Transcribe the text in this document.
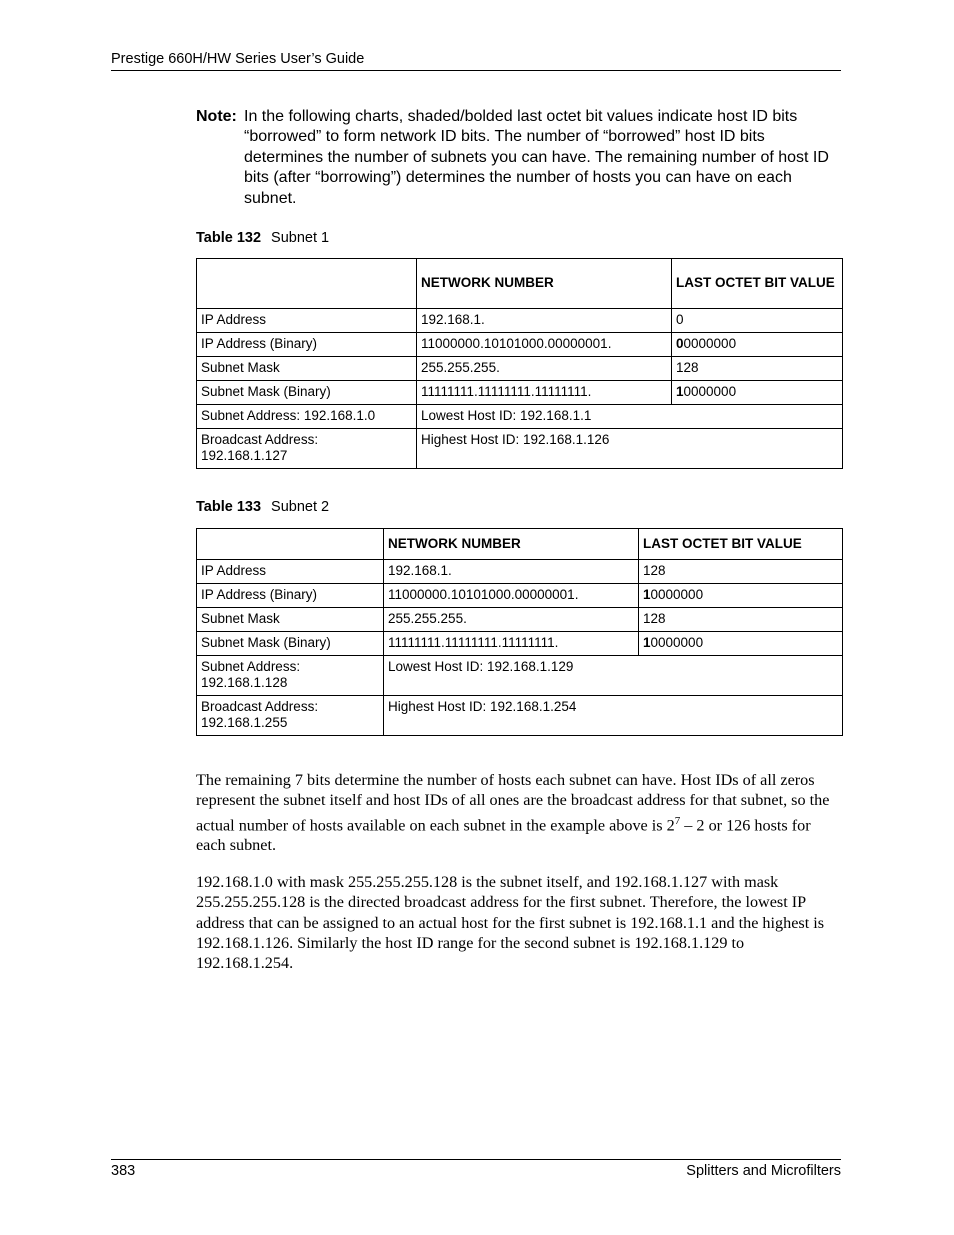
Prestige 660H/HW Series User’s Guide
Note: In the following charts, shaded/bolded last octet bit values indicate host ID bits “borrowed” to form network ID bits. The number of “borrowed” host ID bits determines the number of subnets you can have. The remaining number of host ID bits (after “borrowing”) determines the number of hosts you can have on each subnet.
Table 132 Subnet 1
	NETWORK NUMBER	LAST OCTET BIT VALUE
IP Address	192.168.1.	0
IP Address (Binary)	11000000.10101000.00000001.	00000000
Subnet Mask	255.255.255.	128
Subnet Mask (Binary)	11111111.11111111.11111111.	10000000
Subnet Address: 192.168.1.0	Lowest Host ID: 192.168.1.1	
Broadcast Address:
192.168.1.127	Highest Host ID: 192.168.1.126	
Table 133 Subnet 2
	NETWORK NUMBER	LAST OCTET BIT VALUE
IP Address	192.168.1.	128
IP Address (Binary)	11000000.10101000.00000001.	10000000
Subnet Mask	255.255.255.	128
Subnet Mask (Binary)	11111111.11111111.11111111.	10000000
Subnet Address:
192.168.1.128	Lowest Host ID: 192.168.1.129	
Broadcast Address:
192.168.1.255	Highest Host ID: 192.168.1.254	
The remaining 7 bits determine the number of hosts each subnet can have. Host IDs of all zeros represent the subnet itself and host IDs of all ones are the broadcast address for that subnet, so the actual number of hosts available on each subnet in the example above is $2^7 - 2$ or 126 hosts for each subnet.
192.168.1.0 with mask 255.255.255.128 is the subnet itself, and 192.168.1.127 with mask 255.255.255.128 is the directed broadcast address for the first subnet. Therefore, the lowest IP address that can be assigned to an actual host for the first subnet is 192.168.1.1 and the highest is 192.168.1.126. Similarly the host ID range for the second subnet is 192.168.1.129 to 192.168.1.254.
383	Splitters and Microfilters
